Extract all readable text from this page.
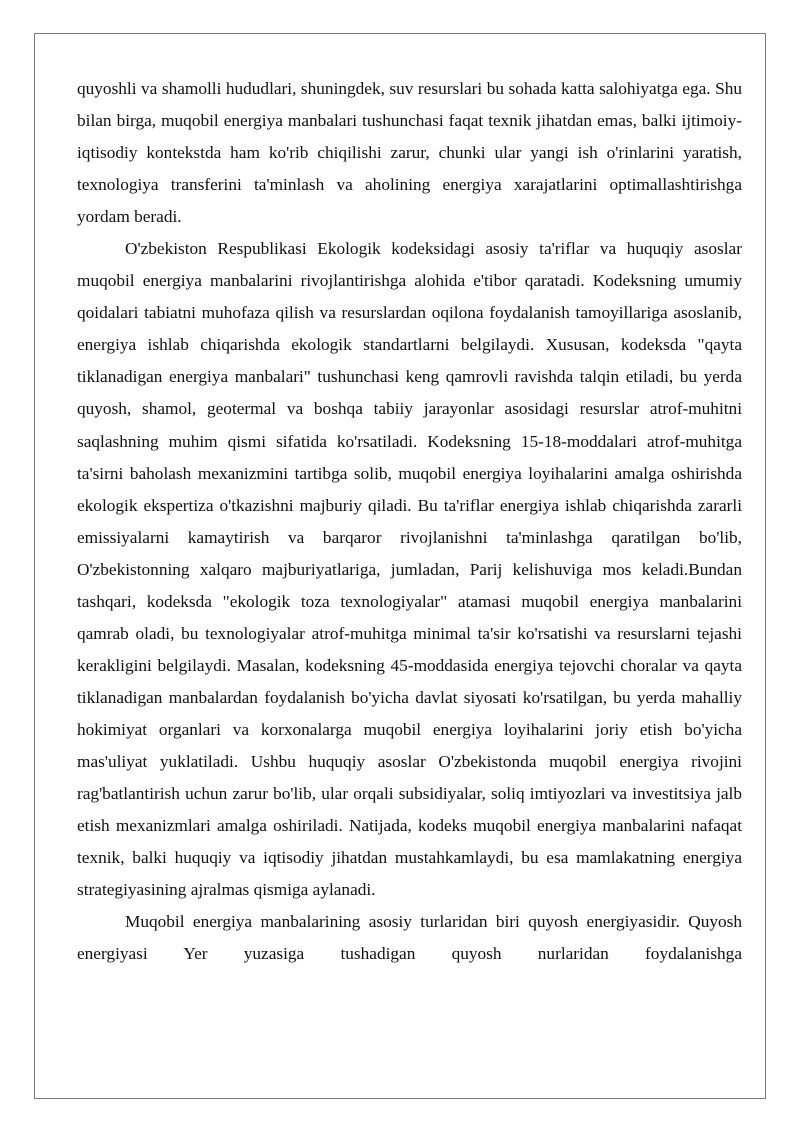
quyoshli va shamolli hududlari, shuningdek, suv resurslari bu sohada katta salohiyatga ega. Shu bilan birga, muqobil energiya manbalari tushunchasi faqat texnik jihatdan emas, balki ijtimoiy-iqtisodiy kontekstda ham ko'rib chiqilishi zarur, chunki ular yangi ish o'rinlarini yaratish, texnologiya transferini ta'minlash va aholining energiya xarajatlarini optimallashtirishga yordam beradi.

O'zbekiston Respublikasi Ekologik kodeksidagi asosiy ta'riflar va huquqiy asoslar muqobil energiya manbalarini rivojlantirishga alohida e'tibor qaratadi. Kodeksning umumiy qoidalari tabiatni muhofaza qilish va resurslardan oqilona foydalanish tamoyillariga asoslanib, energiya ishlab chiqarishda ekologik standartlarni belgilaydi. Xususan, kodeksda "qayta tiklanadigan energiya manbalari" tushunchasi keng qamrovli ravishda talqin etiladi, bu yerda quyosh, shamol, geotermal va boshqa tabiiy jarayonlar asosidagi resurslar atrof-muhitni saqlashning muhim qismi sifatida ko'rsatiladi. Kodeksning 15-18-moddalari atrof-muhitga ta'sirni baholash mexanizmini tartibga solib, muqobil energiya loyihalarini amalga oshirishda ekologik ekspertiza o'tkazishni majburiy qiladi. Bu ta'riflar energiya ishlab chiqarishda zararli emissiyalarni kamaytirish va barqaror rivojlanishni ta'minlashga qaratilgan bo'lib, O'zbekistonning xalqaro majburiyatlariga, jumladan, Parij kelishuviga mos keladi.Bundan tashqari, kodeksda "ekologik toza texnologiyalar" atamasi muqobil energiya manbalarini qamrab oladi, bu texnologiyalar atrof-muhitga minimal ta'sir ko'rsatishi va resurslarni tejashi kerakligini belgilaydi. Masalan, kodeksning 45-moddasida energiya tejovchi choralar va qayta tiklanadigan manbalardan foydalanish bo'yicha davlat siyosati ko'rsatilgan, bu yerda mahalliy hokimiyat organlari va korxonalarga muqobil energiya loyihalarini joriy etish bo'yicha mas'uliyat yuklatiladi. Ushbu huquqiy asoslar O'zbekistonda muqobil energiya rivojini rag'batlantirish uchun zarur bo'lib, ular orqali subsidiyalar, soliq imtiyozlari va investitsiya jalb etish mexanizmlari amalga oshiriladi. Natijada, kodeks muqobil energiya manbalarini nafaqat texnik, balki huquqiy va iqtisodiy jihatdan mustahkamlaydi, bu esa mamlakatning energiya strategiyasining ajralmas qismiga aylanadi.

Muqobil energiya manbalarining asosiy turlaridan biri quyosh energiyasidir. Quyosh energiyasi Yer yuzasiga tushadigan quyosh nurlaridan foydalanishga
